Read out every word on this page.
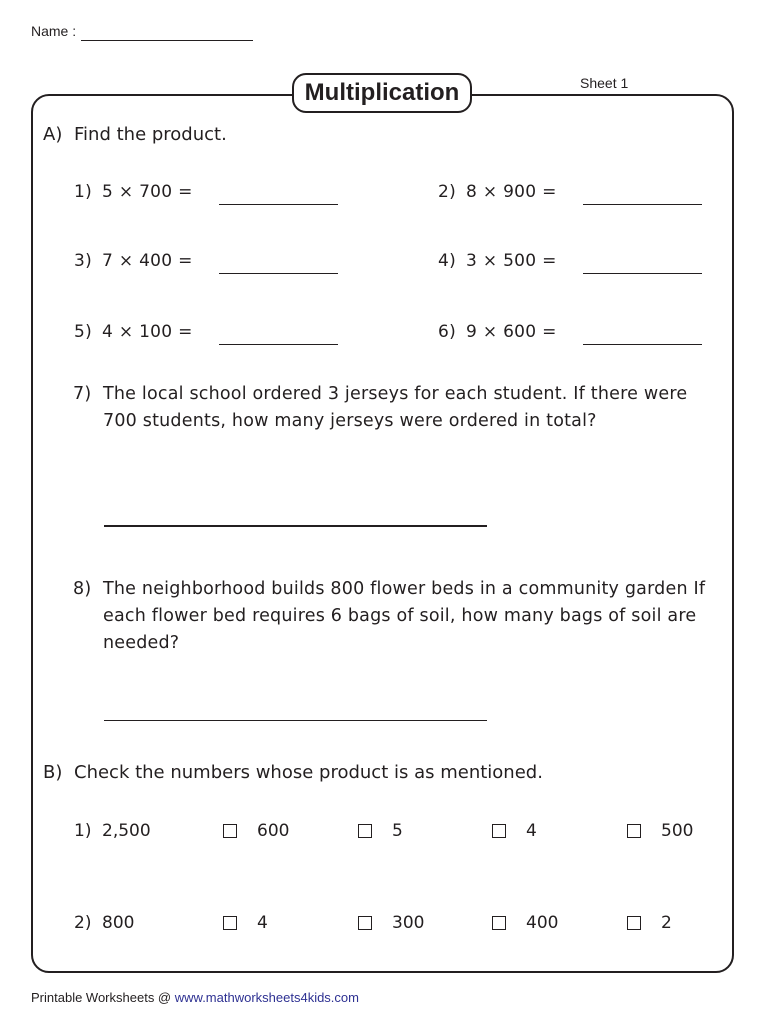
Name :
Multiplication	Sheet 1
A) Find the product.
1) 5 × 700 =	2) 8 × 900 =
3) 7 × 400 =	4) 3 × 500 =
5) 4 × 100 =	6) 9 × 600 =
7) The local school ordered 3 jerseys for each student. If there were 700 students, how many jerseys were ordered in total?
8) The neighborhood builds 800 flower beds in a community garden If each flower bed requires 6 bags of soil, how many bags of soil are needed?
B) Check the numbers whose product is as mentioned.
1) 2,500	600	5	4	500
2) 800	4	300	400	2
Printable Worksheets @ www.mathworksheets4kids.com
